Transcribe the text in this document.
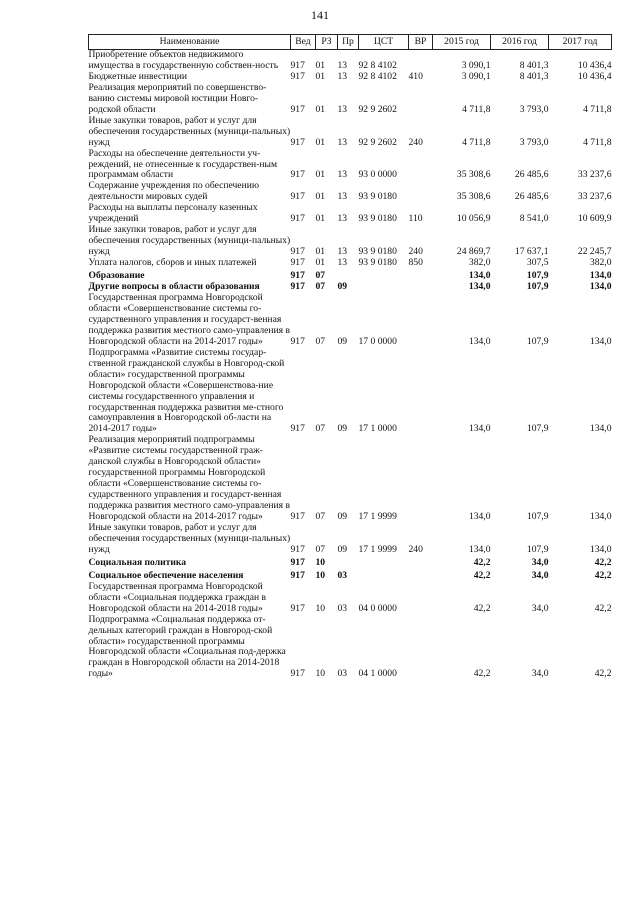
141
Наименование	Вед	РЗ	Пр	ЦСТ	ВР	2015 год	2016 год	2017 год
Приобретение объектов недвижимого имущества в государственную собствен-ность	917	01	13	92 8 4102		3 090,1	8 401,3	10 436,4
Бюджетные инвестиции	917	01	13	92 8 4102	410	3 090,1	8 401,3	10 436,4
Реализация мероприятий по совершенство-ванию системы мировой юстиции Новго-родской области	917	01	13	92 9 2602		4 711,8	3 793,0	4 711,8
Иные закупки товаров, работ и услуг для обеспечения государственных (муници-пальных) нужд	917	01	13	92 9 2602	240	4 711,8	3 793,0	4 711,8
Расходы на обеспечение деятельности уч-реждений, не отнесенные к государствен-ным программам области	917	01	13	93 0 0000		35 308,6	26 485,6	33 237,6
Содержание учреждения по обеспечению деятельности мировых судей	917	01	13	93 9 0180		35 308,6	26 485,6	33 237,6
Расходы на выплаты персоналу казенных учреждений	917	01	13	93 9 0180	110	10 056,9	8 541,0	10 609,9
Иные закупки товаров, работ и услуг для обеспечения государственных (муници-пальных) нужд	917	01	13	93 9 0180	240	24 869,7	17 637,1	22 245,7
Уплата налогов, сборов и иных платежей	917	01	13	93 9 0180	850	382,0	307,5	382,0
Образование	917	07				134,0	107,9	134,0
Другие вопросы в области образования	917	07	09			134,0	107,9	134,0
Государственная программа Новгородской области «Совершенствование системы го-сударственного управления и государст-венная поддержка развития местного само-управления в Новгородской области на 2014-2017 годы»	917	07	09	17 0 0000		134,0	107,9	134,0
Подпрограмма «Развитие системы государ-ственной гражданской службы в Новгород-ской области» государственной программы Новгородской области «Совершенствова-ние системы государственного управления и государственная поддержка развития ме-стного самоуправления в Новгородской об-ласти на 2014-2017 годы»	917	07	09	17 1 0000		134,0	107,9	134,0
Реализация мероприятий подпрограммы «Развитие системы государственной граж-данской службы в Новгородской области» государственной программы Новгородской области «Совершенствование системы го-сударственного управления и государст-венная поддержка развития местного само-управления в Новгородской области на 2014-2017 годы»	917	07	09	17 1 9999		134,0	107,9	134,0
Иные закупки товаров, работ и услуг для обеспечения государственных (муници-пальных) нужд	917	07	09	17 1 9999	240	134,0	107,9	134,0
Социальная политика	917	10				42,2	34,0	42,2
Социальное обеспечение населения	917	10	03			42,2	34,0	42,2
Государственная программа Новгородской области «Социальная поддержка граждан в Новгородской области на 2014-2018 годы»	917	10	03	04 0 0000		42,2	34,0	42,2
Подпрограмма «Социальная поддержка от-дельных категорий граждан в Новгород-ской области» государственной программы Новгородской области «Социальная под-держка граждан в Новгородской области на 2014-2018 годы»	917	10	03	04 1 0000		42,2	34,0	42,2
